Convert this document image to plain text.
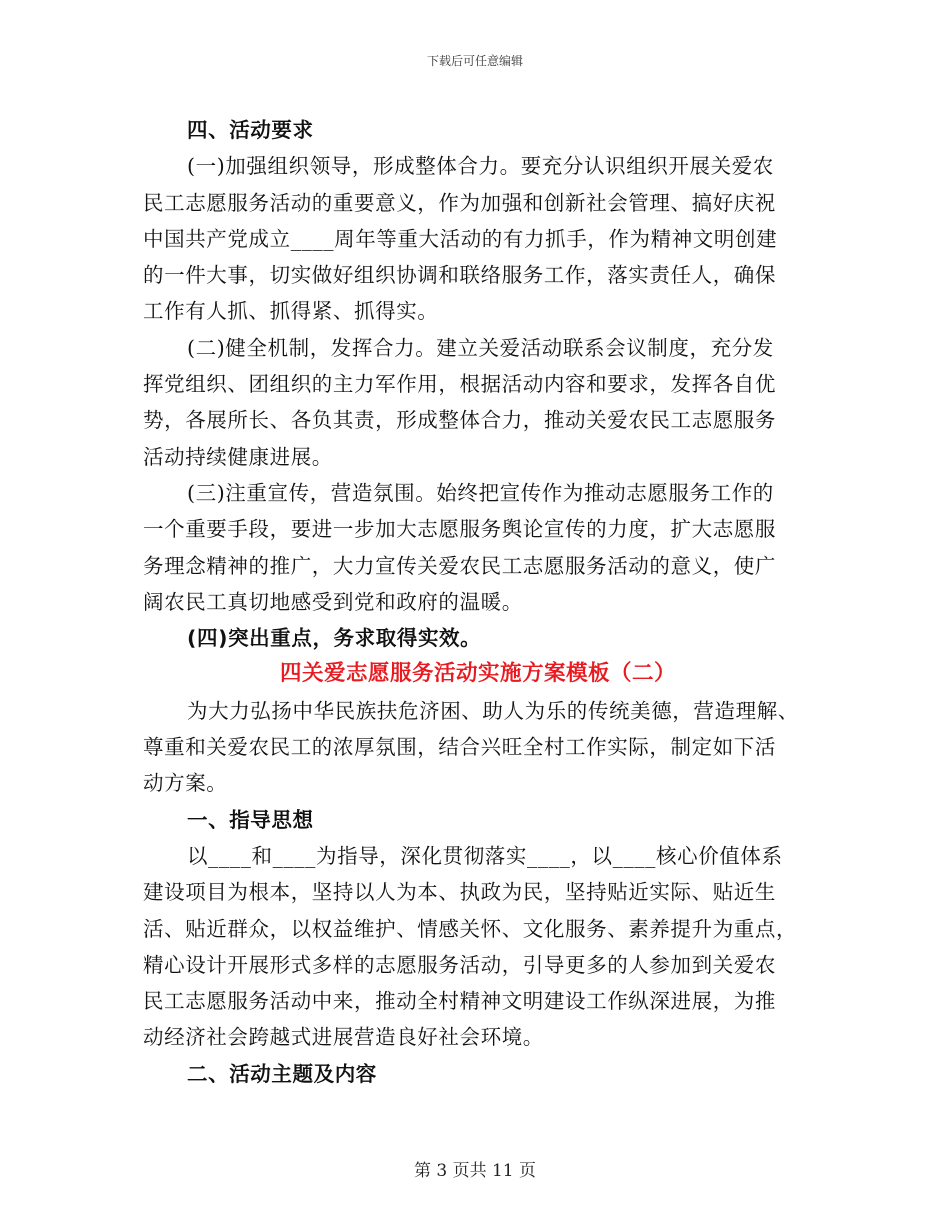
下载后可任意编辑
四、活动要求
(一)加强组织领导，形成整体合力。要充分认识组织开展关爱农
民工志愿服务活动的重要意义，作为加强和创新社会管理、搞好庆祝
中国共产党成立____周年等重大活动的有力抓手，作为精神文明创建
的一件大事，切实做好组织协调和联络服务工作，落实责任人，确保
工作有人抓、抓得紧、抓得实。
(二)健全机制，发挥合力。建立关爱活动联系会议制度，充分发
挥党组织、团组织的主力军作用，根据活动内容和要求，发挥各自优
势，各展所长、各负其责，形成整体合力，推动关爱农民工志愿服务
活动持续健康进展。
(三)注重宣传，营造氛围。始终把宣传作为推动志愿服务工作的
一个重要手段，要进一步加大志愿服务舆论宣传的力度，扩大志愿服
务理念精神的推广，大力宣传关爱农民工志愿服务活动的意义，使广
阔农民工真切地感受到党和政府的温暖。
(四)突出重点，务求取得实效。
四关爱志愿服务活动实施方案模板（二）
为大力弘扬中华民族扶危济困、助人为乐的传统美德，营造理解、
尊重和关爱农民工的浓厚氛围，结合兴旺全村工作实际，制定如下活
动方案。
一、指导思想
以____和____为指导，深化贯彻落实____，以____核心价值体系
建设项目为根本，坚持以人为本、执政为民，坚持贴近实际、贴近生
活、贴近群众，以权益维护、情感关怀、文化服务、素养提升为重点，
精心设计开展形式多样的志愿服务活动，引导更多的人参加到关爱农
民工志愿服务活动中来，推动全村精神文明建设工作纵深进展，为推
动经济社会跨越式进展营造良好社会环境。
二、活动主题及内容
第 3 页共 11 页
